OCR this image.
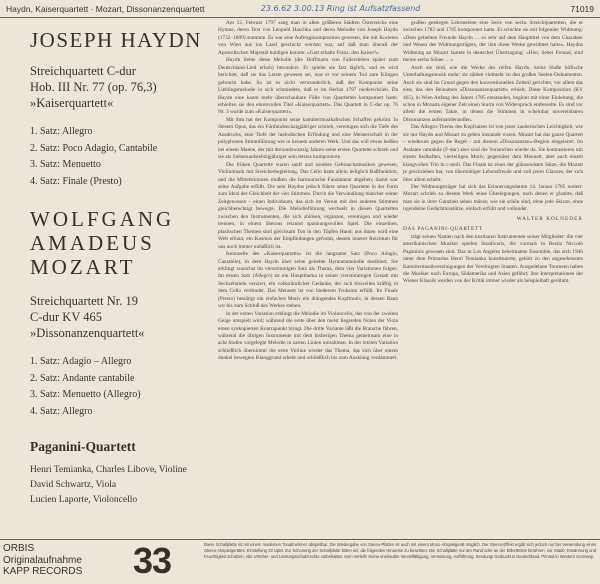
Haydn, Kaiserquartett · Mozart, Dissonanzenquartett	23.6.62 3.00.13 Ring ist Aufsatzfassend	71019
JOSEPH HAYDN

Streichquartett C-dur
Hob. III Nr. 77 (op. 76,3)
»Kaiserquartett«

1. Satz: Allegro
2. Satz: Poco Adagio, Cantabile
3. Satz: Menuetto
4. Satz: Finale (Presto)
WOLFGANG
AMADEUS
MOZART

Streichquartett Nr. 19
C-dur KV 465
»Dissonanzenquartett«

1. Satz: Adagio – Allegro
2. Satz: Andante cantabile
3. Satz: Menuetto (Allegro)
4. Satz: Allegro
Paganini-Quartett
Henri Temianka, Charles Libove, Violine
David Schwartz, Viola
Lucien Laporte, Violoncello

Am 12. Februar 1797 sang man in allen größeren Städten Österreichs eine Hymne, deren Text von Leopold Haschka und deren Melodie von Joseph Haydn (1732–1809) stammte. Es war eine Auftragskomposition gewesen, die mit Korieten von Wien aus ins Land geschickt worden war, auf daß man überall der Apostolischen Majestät huldigen konnte: »Gott erhalte Franz, den Kaiser!«

Haydn liebte diese Melodie (die Hoffmann von Fallersleben später zum Deutschland-Lied erhob) besonders. Er spielte sie fast täglich, und es wird berichtet, daß sie das Letzte gewesen sei, was er vor seinem Tod zum Klingen gebracht habe. So ist es nicht verwunderlich, daß der Komponist seine Lieblingsmelodie in sich schmiedete, daß er im Herbst 1797 niederschrieb. Da Haydn eine kaum mehr überschaubare Fülle von Quartetten komponiert hatte, erhielten sie den ehrenvollen Titel »Kaiserquartett«. Das Quartett in C-dur op. 76 Nr. 3 wurde zum »Kaiserquartett«.

Mit ihm hat der Komponist seine kammermusikalischen Schaffen gekrönt. In diesem Opus, das ein Fünfundsechzigjähriger schrieb, vereinigen sich die Tiefe des Ausdrucks, eine Tiefe der melodischen Erfindung und eine Meisterschaft in der polyphonen Stimmführung wie in keinem anderen Werk. Und das will etwas heißen bei einem Manne, der mit dreiundzwanzig Jahren seine ersten Quartette schrieb und sie als Siebenundsiebzigjähriger sein letztes komponierte.

Die frühen Quartette waren sanft und sonders Gebrauchsmusiken gewesen, Violinmusik mit Streicherbegleitung. Das Cello hatte allein lediglich Baßfunktion, und die Mittelstimmen mußten die harmonische Fundament abgeben; damit war seine Aufgabe erfüllt. Die sehr Haydns jedoch führte seine Quartette in der Form zum Ideal der Gleichheit der vier Stimmen. Durch die Verwandlung mancher seiner Zeitgenossen – einen Individuum, das sich im Verein mit drei anderen Stimmen gleichberechtigt bewegte. Die Melodieführung wechselt in diesen Quartetten zwischen den Instrumenten, die sich ablösen, ergänzen, vereinigen und wieder trennen, in einem überaus reizund spannungsvollen Spiel. Die einzelnen, plastischen Themen sind gleichsam Ton in den Töpfen Hand; aus ihnen wird eine Welt erbaut, ein Kosmos der Empfindungen geformt, dessen innerer Reichtum für uns noch immer unfaßlich ist.

Keimzelle des »Kaiserquartetts« ist die langsame Satz (Poco Adagio, Cantabile), in dem Haydn über seine geliebte Hymnenmelodie meditiert. Sie erklingt zunächst im vierstimmigen Satz als Thema, dem vier Variationen folgen. Im ersten Satz (Allegro) ist ein Hauptthema in seiner vierstimmigen Gestalt mit Sechzehnteln verziert, ein volkstümlicher Gedanke, der sich bisweilen kräftig in dem Cello verbindet. Das Menuett ist von biederem Frohsinn erfüllt. Im Finale (Presto) bestätigt ein einfaches Motiv ein drängendes Kopfmotiv, in dessen Bann wir bis zum Schluß des Werkes stehen.

In der ersten Variation erklingt die Melodie im Violoncello, das von der zweiten Geige umspielt wird; während die erste über den meist liegenden Noten der Viola einen synkopierten Kontrapunkt bringt. Die dritte Variante läßt die Bratsche führen, während die übrigen Instrumente mit dem bisherigen Thema gemeinsam eine in acht Stufen vorgelegte Melodie in zarten Linien umrahmen. In der letzten Variation schließlich übernimmt die erste Violine wieder das Thema, das sich über einem dunkel bewegten Klanggrund erhebt und schließlich bis zum Ausklang verdämmert.

großen gestiegen Lehrmeister eine Serie von sechs Streichquartetten, die er zwischen 1782 und 1785 komponiert hatte. Er schickte sie mit folgender Widmung: »Dem geliebten Freunde Haydn … so sehr auf dem Haupttitel von dem Charakter und Wesen des Widmungsträgers, der ihm diese Werke gewidmet hatte«. Haydns Widmung an Mozart lautete in deutscher Übertragung: »Hier, lieber Freund, sind meine sechs Söhne …«

Auch sie sind, wie die Werke des reifen Haydn, keine bloße höfische Unterhaltungsmusik mehr; sie zählen vielmehr zu den großen Seelen-Dokumenten. Auch sie sind im Grund gegen den konventionellen Zeitstil gerichtet, vor allem das eine, das den Beinamen »Dissonanzenquartett« erhielt. Diese Komposition (KV 465), in Wien Anfang des Jahres 1785 entstanden, beginnt mit einer Einleitung, die schon in Mozarts eigener Zeit einen Sturm von Widerspruch entfesselte. Es sind vor allem die ersten Takte, in denen die Stimmen in scheinbar unvereinbaren Dissonanzen aufeinanderstoßen.

Das Allegro-Thema des Kopfsatzes ist von jener zauberischen Leichtigkeit, wie sie nur Haydn und Mozart zu geben imstande waren. Mozart hat das ganze Quartett – wiederum gegen die Regel – mit diesem »Dissonanzen«-Beginn eingeleitet. Im Andante cantabile (F-dur) aber sind die Vorzeichen wieder da. Sie kontrastieren mit einem liedhaften, vierteiligen Motiv, gegenüber dem Menuett, aber auch einem klangvollen Trio in c-moll. Das Finale ist eines der glänzendsten Sätze, die Mozart je geschrieben hat, von übermütiger Lebensfreude und voll jenes Glanzes, der sich über allem erhebt.

Der Widmungsträger hat sich das Erinnerungsdatum 14. Januar 1785 notiert: Mozart schrieb zu diesem Werk seine Überlegungen, nach denen er glaubte, daß man sie in ihrer Ganzheit sehen müsse; wie sie schön sind, obne jede Skizze, ohne irgendeine Gedächtnisstütze, einfach erfüllt und vollendet.

WALTER KOLNEDER

DAS PAGANINI-QUARTETT

trägt seinen Namen nach den kostbaren Instrumenten seiner Mitglieder: die vier amerikanischen Musiker spielen Stradivaris, die vormals in Besitz Niccolò Paganinis gewesen sind. Das in Los Angeles beheimatete Ensemble, das sich 1946 unter dem Primarius Henri Temianka konstituierte, gehört zu den angesehensten Kammermusikvereinigungen der Vereinigten Staaten. Ausgedehnte Tourneen haben die Musiker nach Europa, Südamerika und Asien geführt; ihre Interpretationen der Wiener Klassik werden von der Kritik immer wieder als beispielhaft gerühmt.

ORBIS
Originalaufnahme
KAPP RECORDS 33	Diese Schallplatte ist mit einem modernen Tonabnehmer abspielbar. Die Wiedergabe von Stereo-Platten ist auch mit einem Mono-Abspielgerät möglich. Der Stereo-Effekt ergibt sich jedoch nur bei Verwendung eines Stereo-Abspielgerätes. Einstellung 33 UpM. Zur Schonung der Schallplatte bitten wir, die folgenden Hinweise zu beachten: Die Schallplatte nur am Rand oder an der Etikettmitte berühren, vor Staub, Erwärmung und Feuchtigkeit schützen. Alle Urheber- und Leistungsschutzrechte vorbehalten. Kein Verleih! Keine unerlaubte Vervielfältigung, Vermietung, Aufführung, Sendung! Gedruckt in Deutschland. Printed in Western Germany.
